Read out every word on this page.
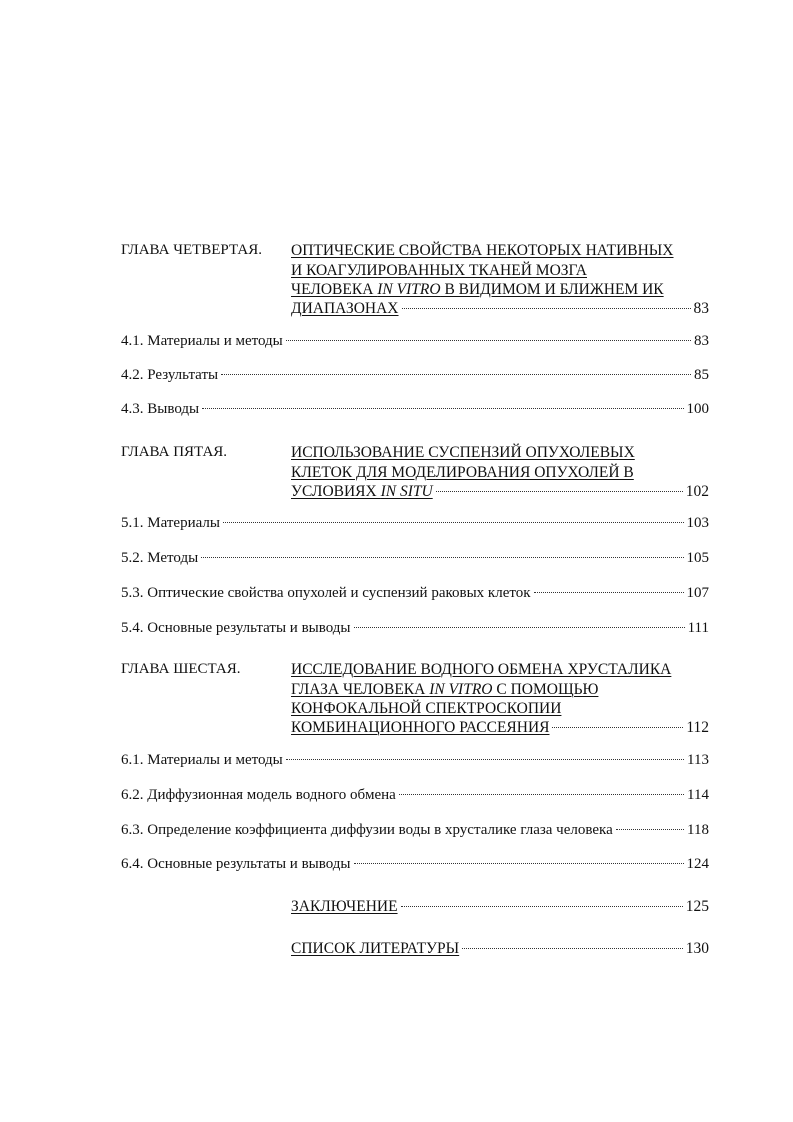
ГЛАВА ЧЕТВЕРТАЯ. ОПТИЧЕСКИЕ СВОЙСТВА НЕКОТОРЫХ НАТИВНЫХ
И КОАГУЛИРОВАННЫХ ТКАНЕЙ МОЗГА
ЧЕЛОВЕКА IN VITRO В ВИДИМОМ И БЛИЖНЕМ ИК
ДИАПАЗОНАХ	83
4.1. Материалы и методы	83
4.2. Результаты	85
4.3. Выводы	100
ГЛАВА ПЯТАЯ.	ИСПОЛЬЗОВАНИЕ СУСПЕНЗИЙ ОПУХОЛЕВЫХ
КЛЕТОК ДЛЯ МОДЕЛИРОВАНИЯ ОПУХОЛЕЙ В
УСЛОВИЯХ IN SITU	102
5.1. Материалы	103
5.2. Методы	105
5.3. Оптические свойства опухолей и суспензий раковых клеток	107
5.4. Основные результаты и выводы	111
ГЛАВА ШЕСТАЯ.	ИССЛЕДОВАНИЕ ВОДНОГО ОБМЕНА ХРУСТАЛИКА
ГЛАЗА ЧЕЛОВЕКА IN VITRO С ПОМОЩЬЮ
КОНФОКАЛЬНОЙ СПЕКТРОСКОПИИ
КОМБИНАЦИОННОГО РАССЕЯНИЯ	112
6.1. Материалы и методы	113
6.2. Диффузионная модель водного обмена	114
6.3. Определение коэффициента диффузии воды в хрусталике глаза человека	118
6.4. Основные результаты и выводы	124
ЗАКЛЮЧЕНИЕ	125
СПИСОК ЛИТЕРАТУРЫ	130
